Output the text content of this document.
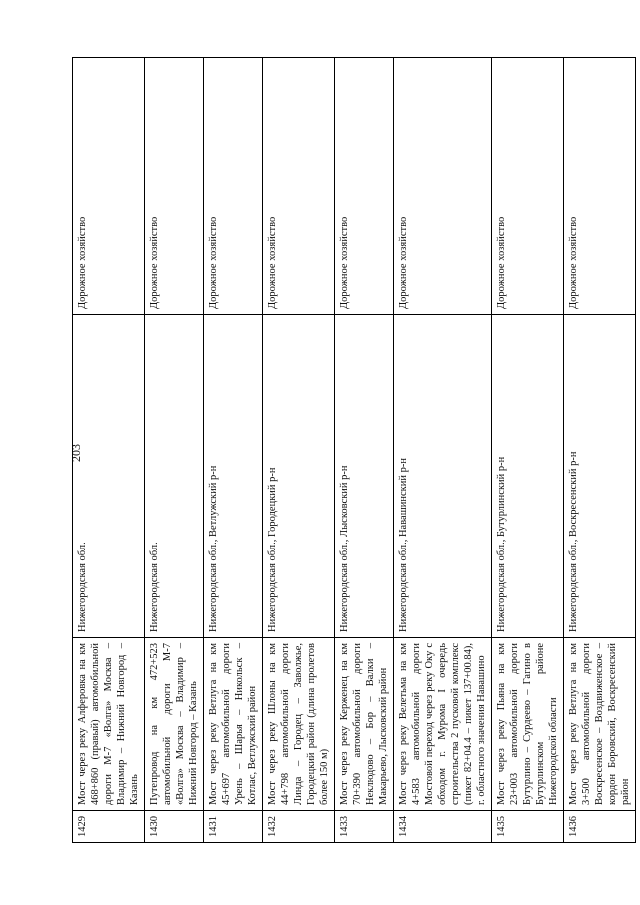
203
1429	Мост через реку Алферовка на км 468+860 (правый) автомобильной дороги М-7 «Волга» Москва – Владимир – Нижний Новгород – Казань	Нижегородская обл.	Дорожное хозяйство
1430	Путепровод на км 472+523 автомобильной дороги М-7 «Волга» Москва – Владимир – Нижний Новгород – Казань	Нижегородская обл.	Дорожное хозяйство
1431	Мост через реку Ветлуга на км 45+697 автомобильной дороги Урень – Шарья – Никольск – Котлас, Ветлужский район	Нижегородская обл., Ветлужский р-н	Дорожное хозяйство
1432	Мост через реку Шлоны на км 44+798 автомобильной дороги Линда – Городец – Заволжье, Городецкий район (длина пролетов более 150 м)	Нижегородская обл., Городецкий р-н	Дорожное хозяйство
1433	Мост через реку Керженец на км 70+390 автомобильной дороги Неклюдово – Бор – Валки – Макарьево, Лысковский район	Нижегородская обл., Лысковский р-н	Дорожное хозяйство
1434	Мост через реку Велетьма на км 4+583 автомобильной дороги Мостовой переход через реку Оку с обходом г. Мурома I очередь строительства 2 пусковой комплекс (пикет 82+04.4 – пикет 137+00.84), г. областного значения Навашино	Нижегородская обл., Навашинский р-н	Дорожное хозяйство
1435	Мост через реку Пьяна на км 23+003 автомобильной дороги Бутурлино – Сурдеево – Гагино в Бутурлинском районе Нижегородской области	Нижегородская обл., Бутурлинский р-н	Дорожное хозяйство
1436	Мост через реку Ветлуга на км 3+500 автомобильной дороги Воскресенское – Воздвиженское – кордон Боровский, Воскресенский район	Нижегородская обл., Воскресенский р-н	Дорожное хозяйство
